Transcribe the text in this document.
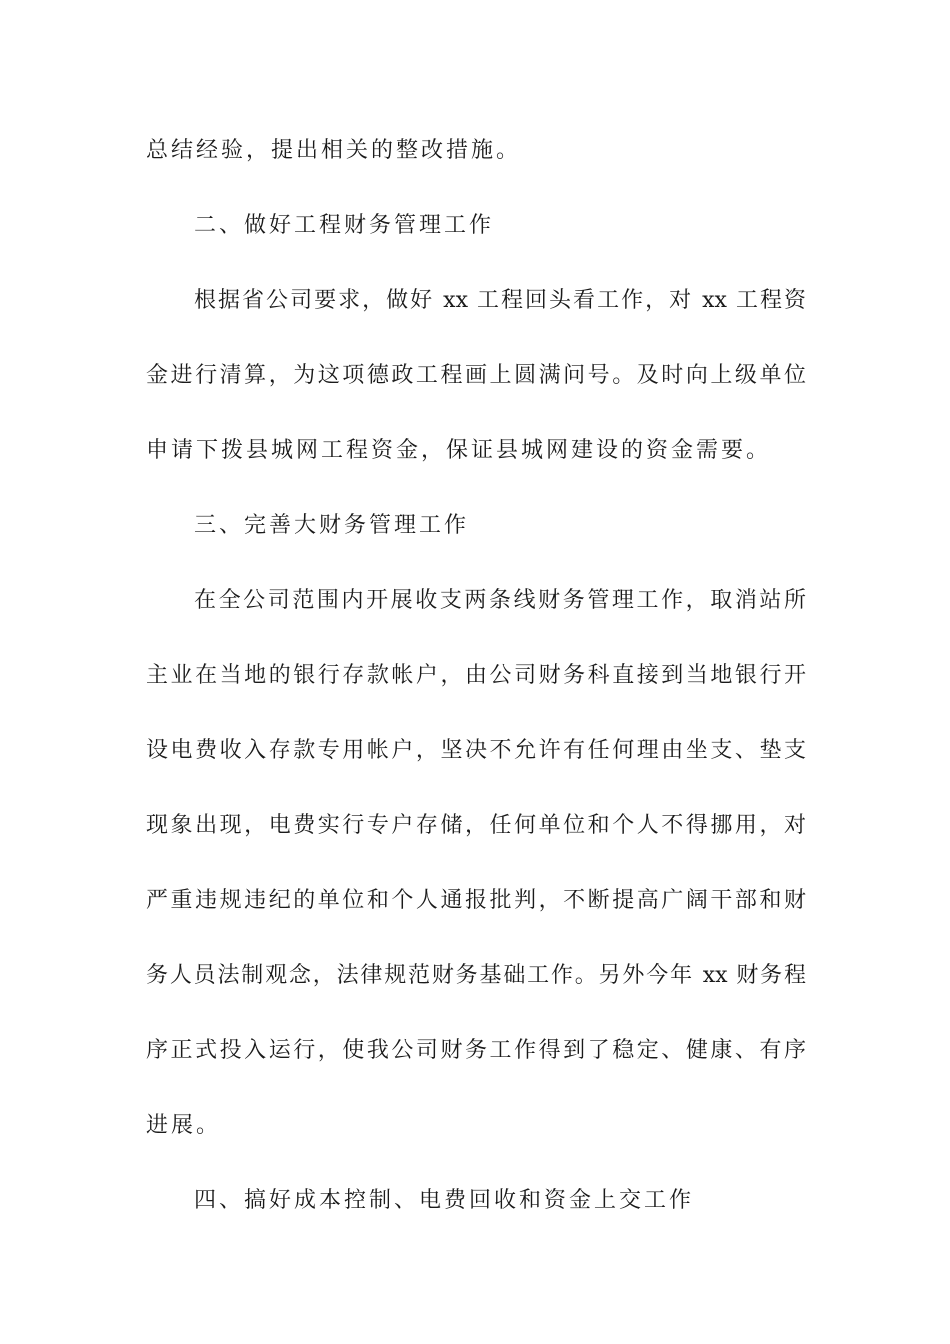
总结经验，提出相关的整改措施。
二、做好工程财务管理工作
根据省公司要求，做好 xx 工程回头看工作，对 xx 工程资
金进行清算，为这项德政工程画上圆满问号。及时向上级单位
申请下拨县城网工程资金，保证县城网建设的资金需要。
三、完善大财务管理工作
在全公司范围内开展收支两条线财务管理工作，取消站所
主业在当地的银行存款帐户，由公司财务科直接到当地银行开
设电费收入存款专用帐户，坚决不允许有任何理由坐支、垫支
现象出现，电费实行专户存储，任何单位和个人不得挪用，对
严重违规违纪的单位和个人通报批判，不断提高广阔干部和财
务人员法制观念，法律规范财务基础工作。另外今年 xx 财务程
序正式投入运行，使我公司财务工作得到了稳定、健康、有序
进展。
四、搞好成本控制、电费回收和资金上交工作
